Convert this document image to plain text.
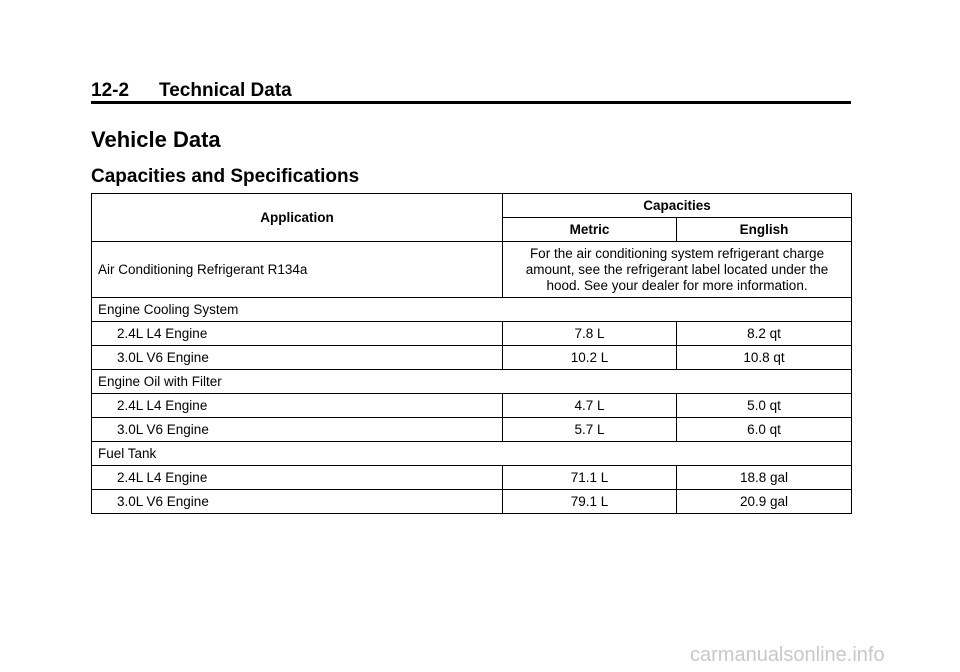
12-2 Technical Data
Vehicle Data
Capacities and Specifications
Application	Capacities	
	Metric	English
Air Conditioning Refrigerant R134a	For the air conditioning system refrigerant charge amount, see the refrigerant label located under the hood. See your dealer for more information.	
Engine Cooling System		
2.4L L4 Engine	7.8 L	8.2 qt
3.0L V6 Engine	10.2 L	10.8 qt
Engine Oil with Filter		
2.4L L4 Engine	4.7 L	5.0 qt
3.0L V6 Engine	5.7 L	6.0 qt
Fuel Tank		
2.4L L4 Engine	71.1 L	18.8 gal
3.0L V6 Engine	79.1 L	20.9 gal
carmanualsonline.info
